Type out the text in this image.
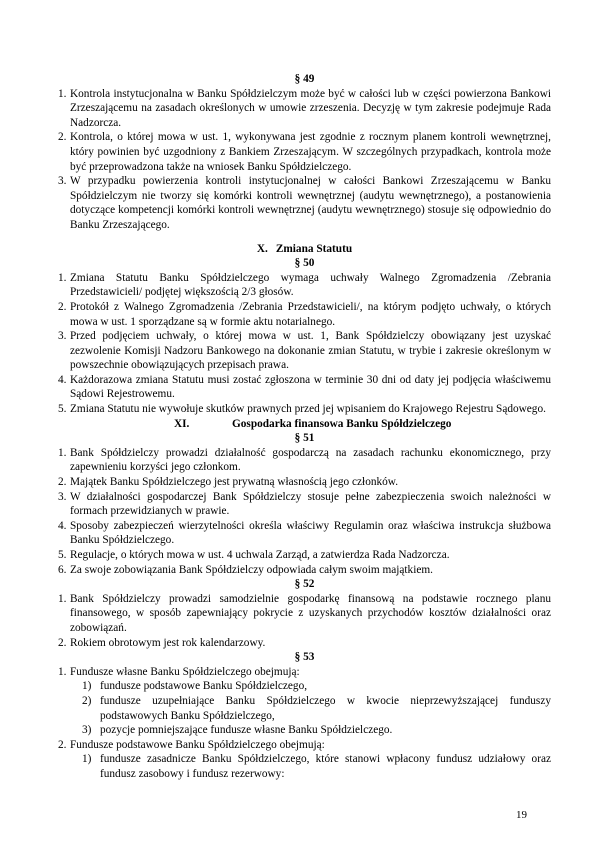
§ 49
1. Kontrola instytucjonalna w Banku Spółdzielczym może być w całości lub w części powierzona Bankowi Zrzeszającemu na zasadach określonych w umowie zrzeszenia. Decyzję w tym zakresie podejmuje Rada Nadzorcza.
2. Kontrola, o której mowa w ust. 1, wykonywana jest zgodnie z rocznym planem kontroli wewnętrznej, który powinien być uzgodniony z Bankiem Zrzeszającym. W szczególnych przypadkach, kontrola może być przeprowadzona także na wniosek Banku Spółdzielczego.
3. W przypadku powierzenia kontroli instytucjonalnej w całości Bankowi Zrzeszającemu w Banku Spółdzielczym nie tworzy się komórki kontroli wewnętrznej (audytu wewnętrznego), a postanowienia dotyczące kompetencji komórki kontroli wewnętrznej (audytu wewnętrznego) stosuje się odpowiednio do Banku Zrzeszającego.
X. Zmiana Statutu
§ 50
1. Zmiana Statutu Banku Spółdzielczego wymaga uchwały Walnego Zgromadzenia /Zebrania Przedstawicieli/ podjętej większością 2/3 głosów.
2. Protokół z Walnego Zgromadzenia /Zebrania Przedstawicieli/, na którym podjęto uchwały, o których mowa w ust. 1 sporządzane są w formie aktu notarialnego.
3. Przed podjęciem uchwały, o której mowa w ust. 1, Bank Spółdzielczy obowiązany jest uzyskać zezwolenie Komisji Nadzoru Bankowego na dokonanie zmian Statutu, w trybie i zakresie określonym w powszechnie obowiązujących przepisach prawa.
4. Każdorazowa zmiana Statutu musi zostać zgłoszona w terminie 30 dni od daty jej podjęcia właściwemu Sądowi Rejestrowemu.
5. Zmiana Statutu nie wywołuje skutków prawnych przed jej wpisaniem do Krajowego Rejestru Sądowego.
XI.	Gospodarka finansowa Banku Spółdzielczego
§ 51
1. Bank Spółdzielczy prowadzi działalność gospodarczą na zasadach rachunku ekonomicznego, przy zapewnieniu korzyści jego członkom.
2. Majątek Banku Spółdzielczego jest prywatną własnością jego członków.
3. W działalności gospodarczej Bank Spółdzielczy stosuje pełne zabezpieczenia swoich należności w formach przewidzianych w prawie.
4. Sposoby zabezpieczeń wierzytelności określa właściwy Regulamin oraz właściwa instrukcja służbowa Banku Spółdzielczego.
5. Regulacje, o których mowa w ust. 4 uchwala Zarząd, a zatwierdza Rada Nadzorcza.
6. Za swoje zobowiązania Bank Spółdzielczy odpowiada całym swoim majątkiem.
§ 52
1. Bank Spółdzielczy prowadzi samodzielnie gospodarkę finansową na podstawie rocznego planu finansowego, w sposób zapewniający pokrycie z uzyskanych przychodów kosztów działalności oraz zobowiązań.
2. Rokiem obrotowym jest rok kalendarzowy.
§ 53
1. Fundusze własne Banku Spółdzielczego obejmują:
1) fundusze podstawowe Banku Spółdzielczego,
2) fundusze uzupełniające Banku Spółdzielczego w kwocie nieprzewyższającej funduszy podstawowych Banku Spółdzielczego,
3) pozycje pomniejszające fundusze własne Banku Spółdzielczego.
2. Fundusze podstawowe Banku Spółdzielczego obejmują:
1) fundusze zasadnicze Banku Spółdzielczego, które stanowi wpłacony fundusz udziałowy oraz fundusz zasobowy i fundusz rezerwowy:
19
